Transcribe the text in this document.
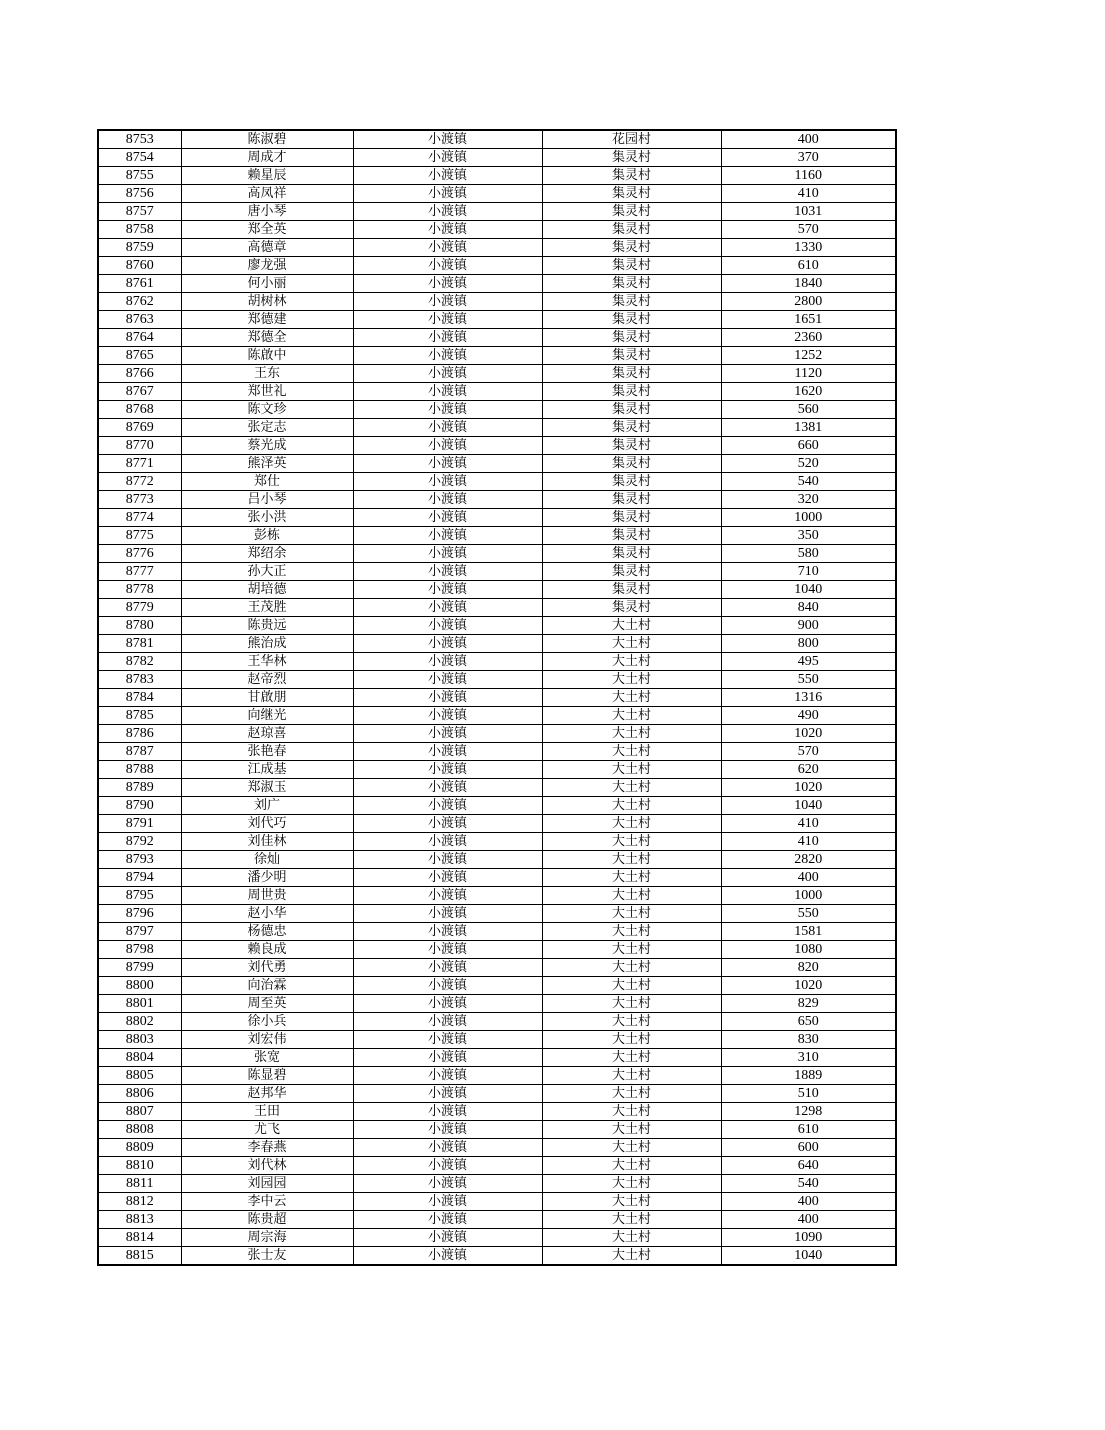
8753	陈淑碧	小渡镇	花园村	400
8754	周成才	小渡镇	集灵村	370
8755	赖星辰	小渡镇	集灵村	1160
8756	高凤祥	小渡镇	集灵村	410
8757	唐小琴	小渡镇	集灵村	1031
8758	郑全英	小渡镇	集灵村	570
8759	高德章	小渡镇	集灵村	1330
8760	廖龙强	小渡镇	集灵村	610
8761	何小丽	小渡镇	集灵村	1840
8762	胡树林	小渡镇	集灵村	2800
8763	郑德建	小渡镇	集灵村	1651
8764	郑德全	小渡镇	集灵村	2360
8765	陈啟中	小渡镇	集灵村	1252
8766	王东	小渡镇	集灵村	1120
8767	郑世礼	小渡镇	集灵村	1620
8768	陈文珍	小渡镇	集灵村	560
8769	张定志	小渡镇	集灵村	1381
8770	蔡光成	小渡镇	集灵村	660
8771	熊泽英	小渡镇	集灵村	520
8772	郑仕	小渡镇	集灵村	540
8773	吕小琴	小渡镇	集灵村	320
8774	张小洪	小渡镇	集灵村	1000
8775	彭栋	小渡镇	集灵村	350
8776	郑绍余	小渡镇	集灵村	580
8777	孙大正	小渡镇	集灵村	710
8778	胡培德	小渡镇	集灵村	1040
8779	王茂胜	小渡镇	集灵村	840
8780	陈贵远	小渡镇	大土村	900
8781	熊治成	小渡镇	大土村	800
8782	王华林	小渡镇	大土村	495
8783	赵帝烈	小渡镇	大土村	550
8784	甘啟朋	小渡镇	大土村	1316
8785	向继光	小渡镇	大土村	490
8786	赵琼喜	小渡镇	大土村	1020
8787	张艳春	小渡镇	大土村	570
8788	江成基	小渡镇	大土村	620
8789	郑淑玉	小渡镇	大土村	1020
8790	刘广	小渡镇	大土村	1040
8791	刘代巧	小渡镇	大土村	410
8792	刘佳林	小渡镇	大土村	410
8793	徐灿	小渡镇	大土村	2820
8794	潘少明	小渡镇	大土村	400
8795	周世贵	小渡镇	大土村	1000
8796	赵小华	小渡镇	大土村	550
8797	杨德忠	小渡镇	大土村	1581
8798	赖良成	小渡镇	大土村	1080
8799	刘代勇	小渡镇	大土村	820
8800	向治霖	小渡镇	大土村	1020
8801	周至英	小渡镇	大土村	829
8802	徐小兵	小渡镇	大土村	650
8803	刘宏伟	小渡镇	大土村	830
8804	张宽	小渡镇	大土村	310
8805	陈显碧	小渡镇	大土村	1889
8806	赵邦华	小渡镇	大土村	510
8807	王田	小渡镇	大土村	1298
8808	尤飞	小渡镇	大土村	610
8809	李春燕	小渡镇	大土村	600
8810	刘代林	小渡镇	大土村	640
8811	刘园园	小渡镇	大土村	540
8812	李中云	小渡镇	大土村	400
8813	陈贵超	小渡镇	大土村	400
8814	周宗海	小渡镇	大土村	1090
8815	张士友	小渡镇	大土村	1040
